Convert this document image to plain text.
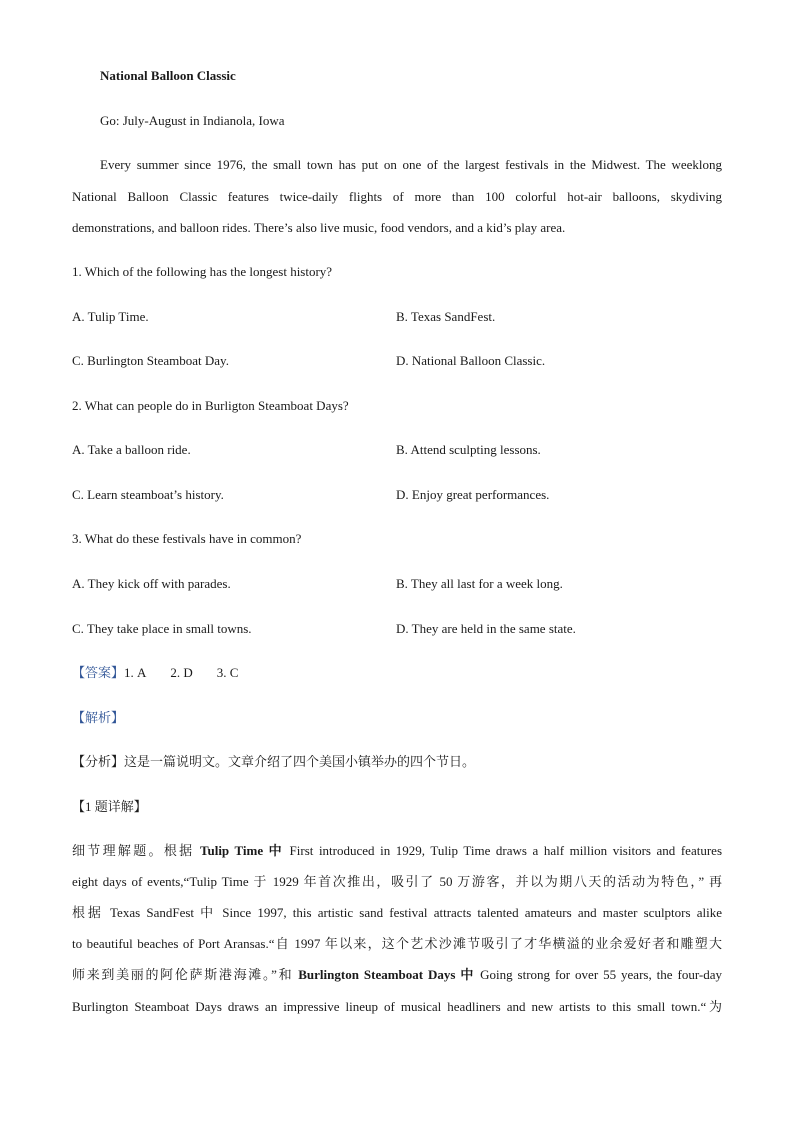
National Balloon Classic
Go: July-August in Indianola, Iowa
Every summer since 1976, the small town has put on one of the largest festivals in the Midwest. The weeklong
National Balloon Classic features twice-daily flights of more than 100 colorful hot-air balloons, skydiving
demonstrations, and balloon rides. There’s also live music, food vendors, and a kid’s play area.
1. Which of the following has the longest history?
A. Tulip Time.	B. Texas SandFest.
C. Burlington Steamboat Day.	D. National Balloon Classic.
2. What can people do in Burligton Steamboat Days?
A. Take a balloon ride.	B. Attend sculpting lessons.
C. Learn steamboat’s history.	D. Enjoy great performances.
3. What do these festivals have in common?
A. They kick off with parades.	B. They all last for a week long.
C. They take place in small towns.	D. They are held in the same state.
【答案】1. A 2. D 3. C
【解析】
【分析】这是一篇说明文。文章介绍了四个美国小镇举办的四个节日。
【1 题详解】
细节理解题。根据 Tulip Time 中 First introduced in 1929, Tulip Time draws a half million visitors and features
eight days of events,“Tulip Time 于 1929 年首次推出，吸引了 50 万游客，并以为期八天的活动为特色，” 再
根据 Texas SandFest 中 Since 1997, this artistic sand festival attracts talented amateurs and master sculptors alike
to beautiful beaches of Port Aransas.“自 1997 年以来，这个艺术沙滩节吸引了才华横溢的业余爱好者和雕塑大
师来到美丽的阿伦萨斯港海滩。”和 Burlington Steamboat Days 中 Going strong for over 55 years, the four-day
Burlington Steamboat Days draws an impressive lineup of musical headliners and new artists to this small town.“为
